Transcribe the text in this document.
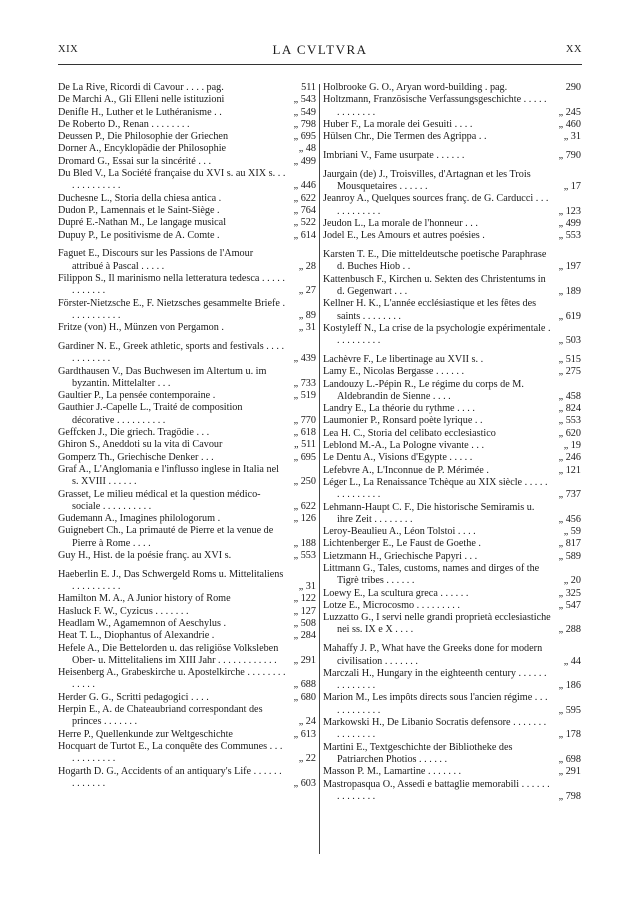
XIX	LA CVLTVRA	XX
De La Rive, Ricordi di Cavour . . . . pag.	511
De Marchi A., Gli Elleni nelle istituzioni	„ 543
Denifle H., Luther et le Luthéranisme . .	„ 549
De Roberto D., Renan . . . . . . . .	„ 798
Deussen P., Die Philosophie der Griechen	„ 695
Dorner A., Encyklopädie der Philosophie	„ 48
Dromard G., Essai sur la sincérité . . .	„ 499
Du Bled V., La Société française du XVI s. au XIX s. . . . . . . . . . . . .	„ 446
Duchesne L., Storia della chiesa antica .	„ 622
Dudon P., Lamennais et le Saint-Siège .	„ 764
Dupré E.-Nathan M., Le langage musical	„ 522
Dupuy P., Le positivisme de A. Comte .	„ 614
Faguet E., Discours sur les Passions de l'Amour attribué à Pascal . . . . .	„ 28
Filippon S., Il marinismo nella letteratura tedesca . . . . . . . . . . . .	„ 27
Förster-Nietzsche E., F. Nietzsches gesammelte Briefe . . . . . . . . . . .	„ 89
Fritze (von) H., Münzen von Pergamon .	„ 31
Gardiner N. E., Greek athletic, sports and festivals . . . . . . . . . . . .	„ 439
Gardthausen V., Das Buchwesen im Altertum u. im byzantin. Mittelalter . . .	„ 733
Gaultier P., La pensée contemporaine .	„ 519
Gauthier J.-Capelle L., Traité de composition décorative . . . . . . . . . .	„ 770
Geffcken J., Die griech. Tragödie . . .	„ 618
Ghiron S., Aneddoti su la vita di Cavour	„ 511
Gomperz Th., Griechische Denker . . .	„ 695
Graf A., L'Anglomania e l'influsso inglese in Italia nel s. XVIII . . . . . .	„ 250
Grasset, Le milieu médical et la question médico-sociale . . . . . . . . . .	„ 622
Gudemann A., Imagines philologorum .	„ 126
Guignebert Ch., La primauté de Pierre et la venue de Pierre à Rome . . . .	„ 188
Guy H., Hist. de la poésie franç. au XVI s.	„ 553
Haeberlin E. J., Das Schwergeld Roms u. Mittelitaliens . . . . . . . . . .	„ 31
Hamilton M. A., A Junior history of Rome	„ 122
Hasluck F. W., Cyzicus . . . . . . .	„ 127
Headlam W., Agamemnon of Aeschylus .	„ 508
Heat T. L., Diophantus of Alexandrie .	„ 284
Hefele A., Die Bettelorden u. das religiöse Volksleben Ober- u. Mittelitaliens im XIII Jahr . . . . . . . . . . . .	„ 291
Heisenberg A., Grabeskirche u. Apostelkirche . . . . . . . . . . . . .	„ 688
Herder G. G., Scritti pedagogici . . . .	„ 680
Herpin E., A. de Chateaubriand correspondant des princes . . . . . . .	„ 24
Herre P., Quellenkunde zur Weltgeschichte	„ 613
Hocquart de Turtot E., La conquête des Communes . . . . . . . . . . . .	„ 22
Hogarth D. G., Accidents of an antiquary's Life . . . . . . . . . . . . .	„ 603
Holbrooke G. O., Aryan word-building . pag.	290
Holtzmann, Französische Verfassungsgeschichte . . . . . . . . . . . . .	„ 245
Huber F., La morale dei Gesuiti . . . .	„ 460
Hülsen Chr., Die Termen des Agrippa . .	„ 31
Imbriani V., Fame usurpate . . . . . .	„ 790
Jaurgain (de) J., Troisvilles, d'Artagnan et les Trois Mousquetaires . . . . . .	„ 17
Jeanroy A., Quelques sources franç. de G. Carducci . . . . . . . . . . . .	„ 123
Jeudon L., La morale de l'honneur . . .	„ 499
Jodel E., Les Amours et autres poésies .	„ 553
Karsten T. E., Die mitteldeutsche poetische Paraphrase d. Buches Hiob . .	„ 197
Kattenbusch F., Kirchen u. Sekten des Christentums in d. Gegenwart . . .	„ 189
Kellner H. K., L'année ecclésiastique et les fêtes des saints . . . . . . . .	„ 619
Kostyleff N., La crise de la psychologie expérimentale . . . . . . . . . .	„ 503
Lachèvre F., Le libertinage au XVII s. .	„ 515
Lamy E., Nicolas Bergasse . . . . . .	„ 275
Landouzy L.-Pépin R., Le régime du corps de M. Aldebrandin de Sienne . . . .	„ 458
Landry E., La théorie du rythme . . . .	„ 824
Laumonier P., Ronsard poète lyrique . .	„ 553
Lea H. C., Storia del celibato ecclesiastico	„ 620
Leblond M.-A., La Pologne vivante . . .	„ 19
Le Dentu A., Visions d'Egypte . . . . .	„ 246
Lefebvre A., L'Inconnue de P. Mérimée .	„ 121
Léger L., La Renaissance Tchèque au XIX siècle . . . . . . . . . . . . . .	„ 737
Lehmann-Haupt C. F., Die historische Semiramis u. ihre Zeit . . . . . . . .	„ 456
Leroy-Beaulieu A., Léon Tolstoi . . . .	„ 59
Lichtenberger E., Le Faust de Goethe .	„ 817
Lietzmann H., Griechische Papyri . . .	„ 589
Littmann G., Tales, customs, names and dirges of the Tigrè tribes . . . . . .	„ 20
Loewy E., La scultura greca . . . . . .	„ 325
Lotze E., Microcosmo . . . . . . . . .	„ 547
Luzzatto G., I servi nelle grandi proprietà ecclesiastiche nei ss. IX e X . . . .	„ 288
Mahaffy J. P., What have the Greeks done for modern civilisation . . . . . . .	„ 44
Marczali H., Hungary in the eighteenth century . . . . . . . . . . . . . .	„ 186
Marion M., Les impôts directs sous l'ancien régime . . . . . . . . . . . .	„ 595
Markowski H., De Libanio Socratis defensore . . . . . . . . . . . . . . .	„ 178
Martini E., Textgeschichte der Bibliotheke des Patriarchen Photios . . . . . .	„ 698
Masson P. M., Lamartine . . . . . . .	„ 291
Mastropasqua O., Assedi e battaglie memorabili . . . . . . . . . . . . . .	„ 798
